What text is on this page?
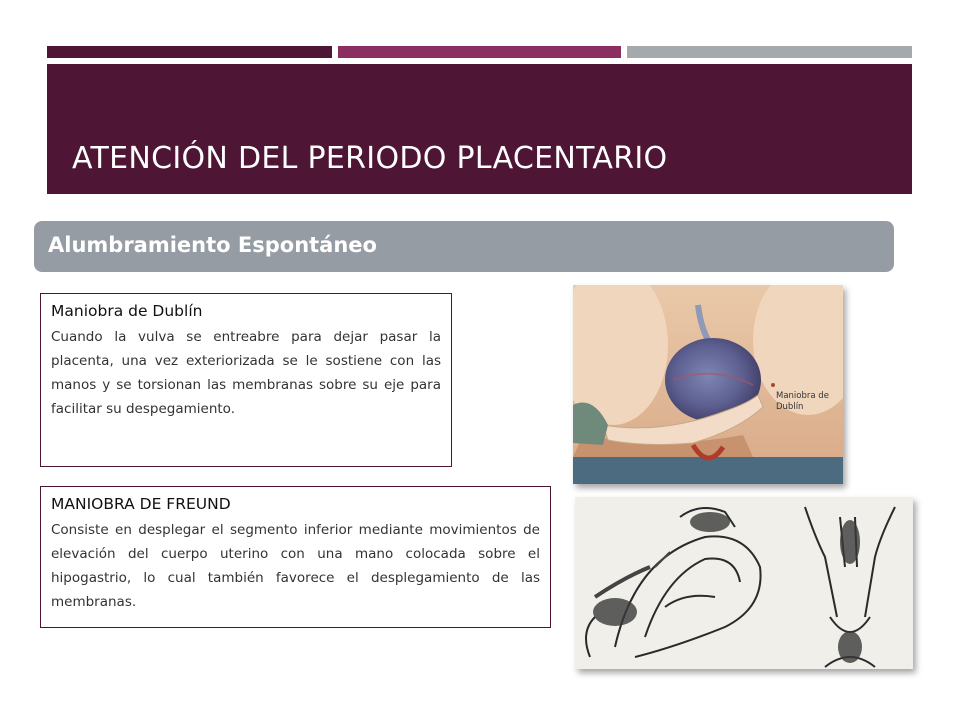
ATENCIÓN DEL PERIODO PLACENTARIO
Alumbramiento Espontáneo
Maniobra de Dublín

Cuando la vulva se entreabre para dejar pasar la placenta, una vez exteriorizada se le sostiene con las manos y se torsionan las membranas sobre su eje para facilitar su despegamiento.

MANIOBRA DE FREUND

Consiste en desplegar el segmento inferior mediante movimientos de elevación del cuerpo uterino con una mano colocada sobre el hipogastrio, lo cual también favorece el desplegamiento de las membranas.

Maniobra de
Dublín
